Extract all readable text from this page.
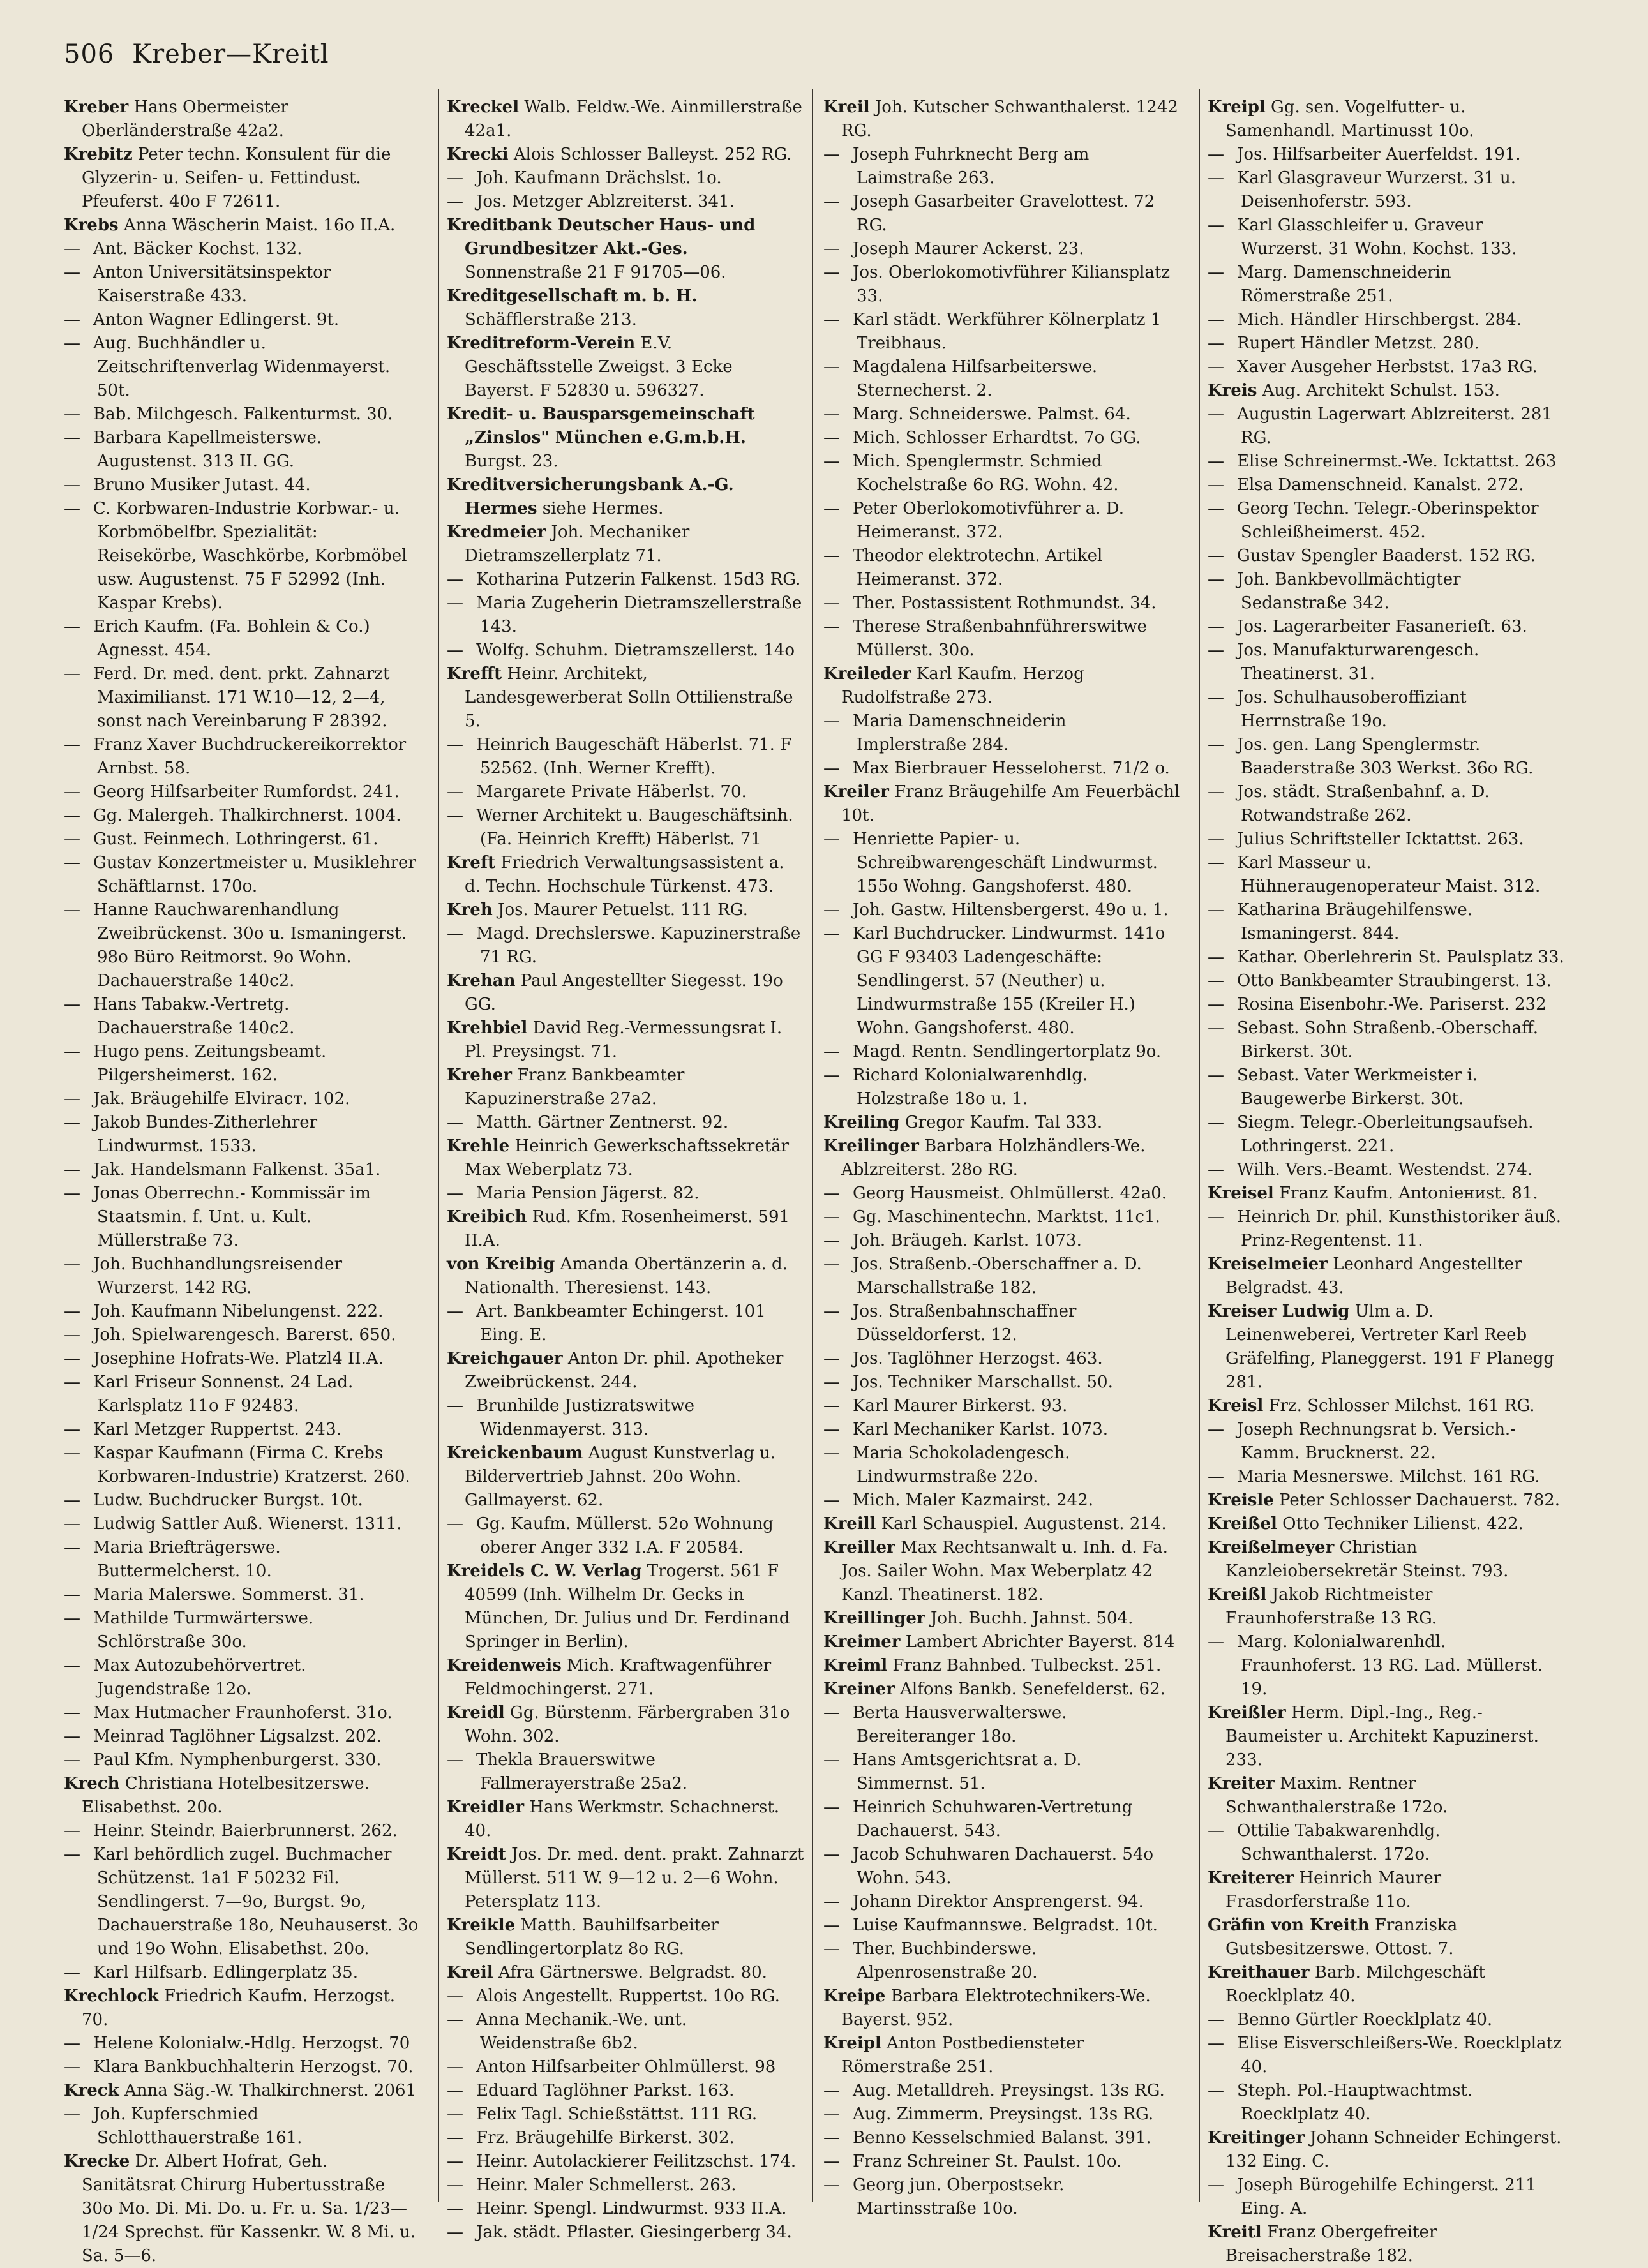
506 Kreber—Kreitl

Kreber Hans Obermeister Oberländerstraße 42a2.

Krebitz Peter techn. Konsulent für die Glyzerin- u. Seifen- u. Fettindust. Pfeuferst. 40o F 72611.

Krebs Anna Wäscherin Maist. 16o II.A.

— Ant. Bäcker Kochst. 132.

— Anton Universitätsinspektor Kaiserstraße 433.

— Anton Wagner Edlingerst. 9t.

— Aug. Buchhändler u. Zeitschriftenverlag Widenmayerst. 50t.

— Bab. Milchgesch. Falkenturmst. 30.

— Barbara Kapellmeisterswe. Augustenst. 313 II. GG.

— Bruno Musiker Jutast. 44.

— C. Korbwaren-Industrie Korbwar.- u. Korbmöbelfbr. Spezialität: Reisekörbe, Waschkörbe, Korbmöbel usw. Augustenst. 75 F 52992 (Inh. Kaspar Krebs).

— Erich Kaufm. (Fa. Bohlein & Co.) Agnesst. 454.

— Ferd. Dr. med. dent. prkt. Zahnarzt Maximilianst. 171 W.10—12, 2—4, sonst nach Vereinbarung F 28392.

— Franz Xaver Buchdruckereikorrektor Arnbst. 58.

— Georg Hilfsarbeiter Rumfordst. 241.

— Gg. Malergeh. Thalkirchnerst. 1004.

— Gust. Feinmech. Lothringerst. 61.

— Gustav Konzertmeister u. Musiklehrer Schäftlarnst. 170o.

— Hanne Rauchwarenhandlung Zweibrückenst. 30o u. Ismaningerst. 98o Büro Reitmorst. 9o Wohn. Dachauerstraße 140c2.

— Hans Tabakw.-Vertretg. Dachauerstraße 140c2.

— Hugo pens. Zeitungsbeamt. Pilgersheimerst. 162.

— Jak. Bräugehilfe Elviraст. 102.

— Jakob Bundes-Zitherlehrer Lindwurmst. 1533.

— Jak. Handelsmann Falkenst. 35a1.

— Jonas Oberrechn.- Kommissär im Staatsmin. f. Unt. u. Kult. Müllerstraße 73.

— Joh. Buchhandlungsreisender Wurzerst. 142 RG.

— Joh. Kaufmann Nibelungenst. 222.

— Joh. Spielwarengesch. Barerst. 650.

— Josephine Hofrats-We. Platzl4 II.A.

— Karl Friseur Sonnenst. 24 Lad. Karlsplatz 11o F 92483.

— Karl Metzger Ruppertst. 243.

— Kaspar Kaufmann (Firma C. Krebs Korbwaren-Industrie) Kratzerst. 260.

— Ludw. Buchdrucker Burgst. 10t.

— Ludwig Sattler Auß. Wienerst. 1311.

— Maria Briefträgerswe. Buttermelcherst. 10.

— Maria Malerswe. Sommerst. 31.

— Mathilde Turmwärterswe. Schlörstraße 30o.

— Max Autozubehörvertret. Jugendstraße 12o.

— Max Hutmacher Fraunhoferst. 31o.

— Meinrad Taglöhner Ligsalzst. 202.

— Paul Kfm. Nymphenburgerst. 330.

Krech Christiana Hotelbesitzerswe. Elisabethst. 20o.

— Heinr. Steindr. Baierbrunnerst. 262.

— Karl behördlich zugel. Buchmacher Schützenst. 1a1 F 50232 Fil. Sendlingerst. 7—9o, Burgst. 9o, Dachauerstraße 18o, Neuhauserst. 3o und 19o Wohn. Elisabethst. 20o.

— Karl Hilfsarb. Edlingerplatz 35.

Krechlock Friedrich Kaufm. Herzogst. 70.

— Helene Kolonialw.-Hdlg. Herzogst. 70

— Klara Bankbuchhalterin Herzogst. 70.

Kreck Anna Säg.-W. Thalkirchnerst. 2061

— Joh. Kupferschmied Schlotthauerstraße 161.

Krecke Dr. Albert Hofrat, Geh. Sanitätsrat Chirurg Hubertusstraße 30o Mo. Di. Mi. Do. u. Fr. u. Sa. 1/23—1/24 Sprechst. für Kassenkr. W. 8 Mi. u. Sa. 5—6.

Kreckel Walb. Feldw.-We. Ainmillerstraße 42a1.

Krecki Alois Schlosser Balleyst. 252 RG.

— Joh. Kaufmann Drächslst. 1o.

— Jos. Metzger Ablzreiterst. 341.

Kreditbank Deutscher Haus- und Grundbesitzer Akt.-Ges. Sonnenstraße 21 F 91705—06.

Kreditgesellschaft m. b. H. Schäfflerstraße 213.

Kreditreform-Verein E.V. Geschäftsstelle Zweigst. 3 Ecke Bayerst. F 52830 u. 596327.

Kredit- u. Bausparsgemeinschaft „Zinslos" München e.G.m.b.H. Burgst. 23.

Kreditversicherungsbank A.-G. Hermes siehe Hermes.

Kredmeier Joh. Mechaniker Dietramszellerplatz 71.

— Kotharina Putzerin Falkenst. 15d3 RG.

— Maria Zugeherin Dietramszellerstraße 143.

— Wolfg. Schuhm. Dietramszellerst. 14o

Krefft Heinr. Architekt, Landesgewerberat Solln Ottilienstraße 5.

— Heinrich Baugeschäft Häberlst. 71. F 52562. (Inh. Werner Krefft).

— Margarete Private Häberlst. 70.

— Werner Architekt u. Baugeschäftsinh. (Fa. Heinrich Krefft) Häberlst. 71

Kreft Friedrich Verwaltungsassistent a. d. Techn. Hochschule Türkenst. 473.

Kreh Jos. Maurer Petuelst. 111 RG.

— Magd. Drechslerswe. Kapuzinerstraße 71 RG.

Krehan Paul Angestellter Siegesst. 19o GG.

Krehbiel David Reg.-Vermessungsrat I. Pl. Preysingst. 71.

Kreher Franz Bankbeamter Kapuzinerstraße 27a2.

— Matth. Gärtner Zentnerst. 92.

Krehle Heinrich Gewerkschaftssekretär Max Weberplatz 73.

— Maria Pension Jägerst. 82.

Kreibich Rud. Kfm. Rosenheimerst. 591 II.A.

von Kreibig Amanda Obertänzerin a. d. Nationalth. Theresienst. 143.

— Art. Bankbeamter Echingerst. 101 Eing. E.

Kreichgauer Anton Dr. phil. Apotheker Zweibrückenst. 244.

— Brunhilde Justizratswitwe Widenmayerst. 313.

Kreickenbaum August Kunstverlag u. Bildervertrieb Jahnst. 20o Wohn. Gallmayerst. 62.

— Gg. Kaufm. Müllerst. 52o Wohnung oberer Anger 332 I.A. F 20584.

Kreidels C. W. Verlag Trogerst. 561 F 40599 (Inh. Wilhelm Dr. Gecks in München, Dr. Julius und Dr. Ferdinand Springer in Berlin).

Kreidenweis Mich. Kraftwagenführer Feldmochingerst. 271.

Kreidl Gg. Bürstenm. Färbergraben 31o Wohn. 302.

— Thekla Brauerswitwe Fallmerayerstraße 25a2.

Kreidler Hans Werkmstr. Schachnerst. 40.

Kreidt Jos. Dr. med. dent. prakt. Zahnarzt Müllerst. 511 W. 9—12 u. 2—6 Wohn. Petersplatz 113.

Kreikle Matth. Bauhilfsarbeiter Sendlingertorplatz 8o RG.

Kreil Afra Gärtnerswe. Belgradst. 80.

— Alois Angestellt. Ruppertst. 10o RG.

— Anna Mechanik.-We. unt. Weidenstraße 6b2.

— Anton Hilfsarbeiter Ohlmüllerst. 98

— Eduard Taglöhner Parkst. 163.

— Felix Tagl. Schießstättst. 111 RG.

— Frz. Bräugehilfe Birkerst. 302.

— Heinr. Autolackierer Feilitzschst. 174.

— Heinr. Maler Schmellerst. 263.

— Heinr. Spengl. Lindwurmst. 933 II.A.

— Jak. städt. Pflaster. Giesingerberg 34.

Kreil Joh. Kutscher Schwanthalerst. 1242 RG.

— Joseph Fuhrknecht Berg am Laimstraße 263.

— Joseph Gasarbeiter Gravelottest. 72 RG.

— Joseph Maurer Ackerst. 23.

— Jos. Oberlokomotivführer Kiliansplatz 33.

— Karl städt. Werkführer Kölnerplatz 1 Treibhaus.

— Magdalena Hilfsarbeiterswe. Sternecherst. 2.

— Marg. Schneiderswe. Palmst. 64.

— Mich. Schlosser Erhardtst. 7o GG.

— Mich. Spenglermstr. Schmied Kochelstraße 6o RG. Wohn. 42.

— Peter Oberlokomotivführer a. D. Heimeranst. 372.

— Theodor elektrotechn. Artikel Heimeranst. 372.

— Ther. Postassistent Rothmundst. 34.

— Therese Straßenbahnführerswitwe Müllerst. 30o.

Kreileder Karl Kaufm. Herzog Rudolfstraße 273.

— Maria Damenschneiderin Implerstraße 284.

— Max Bierbrauer Hesseloherst. 71/2 o.

Kreiler Franz Bräugehilfe Am Feuerbächl 10t.

— Henriette Papier- u. Schreibwarengeschäft Lindwurmst. 155o Wohng. Gangshoferst. 480.

— Joh. Gastw. Hiltensbergerst. 49o u. 1.

— Karl Buchdrucker. Lindwurmst. 141o GG F 93403 Ladengeschäfte: Sendlingerst. 57 (Neuther) u. Lindwurmstraße 155 (Kreiler H.) Wohn. Gangshoferst. 480.

— Magd. Rentn. Sendlingertorplatz 9o.

— Richard Kolonialwarenhdlg. Holzstraße 18o u. 1.

Kreiling Gregor Kaufm. Tal 333.

Kreilinger Barbara Holzhändlers-We. Ablzreiterst. 28o RG.

— Georg Hausmeist. Ohlmüllerst. 42a0.

— Gg. Maschinentechn. Marktst. 11c1.

— Joh. Bräugeh. Karlst. 1073.

— Jos. Straßenb.-Oberschaffner a. D. Marschallstraße 182.

— Jos. Straßenbahnschaffner Düsseldorferst. 12.

— Jos. Taglöhner Herzogst. 463.

— Jos. Techniker Marschallst. 50.

— Karl Maurer Birkerst. 93.

— Karl Mechaniker Karlst. 1073.

— Maria Schokoladengesch. Lindwurmstraße 22o.

— Mich. Maler Kazmairst. 242.

Kreill Karl Schauspiel. Augustenst. 214.

Kreiller Max Rechtsanwalt u. Inh. d. Fa. Jos. Sailer Wohn. Max Weberplatz 42 Kanzl. Theatinerst. 182.

Kreillinger Joh. Buchh. Jahnst. 504.

Kreimer Lambert Abrichter Bayerst. 814

Kreiml Franz Bahnbed. Tulbeckst. 251.

Kreiner Alfons Bankb. Senefelderst. 62.

— Berta Hausverwalterswe. Bereiteranger 18o.

— Hans Amtsgerichtsrat a. D. Simmernst. 51.

— Heinrich Schuhwaren-Vertretung Dachauerst. 543.

— Jacob Schuhwaren Dachauerst. 54o Wohn. 543.

— Johann Direktor Ansprengerst. 94.

— Luise Kaufmannswe. Belgradst. 10t.

— Ther. Buchbinderswe. Alpenrosenstraße 20.

Kreipe Barbara Elektrotechnikers-We. Bayerst. 952.

Kreipl Anton Postbediensteter Römerstraße 251.

— Aug. Metalldreh. Preysingst. 13s RG.

— Aug. Zimmerm. Preysingst. 13s RG.

— Benno Kesselschmied Balanst. 391.

— Franz Schreiner St. Paulst. 10o.

— Georg jun. Oberpostsekr. Martinsstraße 10o.

Kreipl Gg. sen. Vogelfutter- u. Samenhandl. Martinusst 10o.

— Jos. Hilfsarbeiter Auerfeldst. 191.

— Karl Glasgraveur Wurzerst. 31 u. Deisenhoferstr. 593.

— Karl Glasschleifer u. Graveur Wurzerst. 31 Wohn. Kochst. 133.

— Marg. Damenschneiderin Römerstraße 251.

— Mich. Händler Hirschbergst. 284.

— Rupert Händler Metzst. 280.

— Xaver Ausgeher Herbstst. 17a3 RG.

Kreis Aug. Architekt Schulst. 153.

— Augustin Lagerwart Ablzreiterst. 281 RG.

— Elise Schreinermst.-We. Icktattst. 263

— Elsa Damenschneid. Kanalst. 272.

— Georg Techn. Telegr.-Oberinspektor Schleißheimerst. 452.

— Gustav Spengler Baaderst. 152 RG.

— Joh. Bankbevollmächtigter Sedanstraße 342.

— Jos. Lagerarbeiter Fasanerieſt. 63.

— Jos. Manufakturwarengesch. Theatinerst. 31.

— Jos. Schulhausoberoffiziant Herrnstraße 19o.

— Jos. gen. Lang Spenglermstr. Baaderstraße 303 Werkst. 36o RG.

— Jos. städt. Straßenbahnf. a. D. Rotwandstraße 262.

— Julius Schriftsteller Icktattst. 263.

— Karl Masseur u. Hühneraugenoperateur Maist. 312.

— Katharina Bräugehilfenswe. Ismaningerst. 844.

— Kathar. Oberlehrerin St. Paulsplatz 33.

— Otto Bankbeamter Straubingerst. 13.

— Rosina Eisenbohr.-We. Pariserst. 232

— Sebast. Sohn Straßenb.-Oberschaff. Birkerst. 30t.

— Sebast. Vater Werkmeister i. Baugewerbe Birkerst. 30t.

— Siegm. Telegr.-Oberleitungsaufseh. Lothringerst. 221.

— Wilh. Vers.-Beamt. Westendst. 274.

Kreisel Franz Kaufm. Antoniениst. 81.

— Heinrich Dr. phil. Kunsthistoriker äuß. Prinz-Regentenst. 11.

Kreiselmeier Leonhard Angestellter Belgradst. 43.

Kreiser Ludwig Ulm a. D. Leinenweberei, Vertreter Karl Reeb Gräfelfing, Planeggerst. 191 F Planegg 281.

Kreisl Frz. Schlosser Milchst. 161 RG.

— Joseph Rechnungsrat b. Versich.-Kamm. Brucknerst. 22.

— Maria Mesnerswe. Milchst. 161 RG.

Kreisle Peter Schlosser Dachauerst. 782.

Kreißel Otto Techniker Lilienst. 422.

Kreißelmeyer Christian Kanzleiobersekretär Steinst. 793.

Kreißl Jakob Richtmeister Fraunhoferstraße 13 RG.

— Marg. Kolonialwarenhdl. Fraunhoferst. 13 RG. Lad. Müllerst. 19.

Kreißler Herm. Dipl.-Ing., Reg.-Baumeister u. Architekt Kapuzinerst. 233.

Kreiter Maxim. Rentner Schwanthalerstraße 172o.

— Ottilie Tabakwarenhdlg. Schwanthalerst. 172o.

Kreiterer Heinrich Maurer Frasdorferstraße 11o.

Gräfin von Kreith Franziska Gutsbesitzerswe. Ottost. 7.

Kreithauer Barb. Milchgeschäft Roecklplatz 40.

— Benno Gürtler Roecklplatz 40.

— Elise Eisverschleißers-We. Roecklplatz 40.

— Steph. Pol.-Hauptwachtmst. Roecklplatz 40.

Kreitinger Johann Schneider Echingerst. 132 Eing. C.

— Joseph Bürogehilfe Echingerst. 211 Eing. A.

Kreitl Franz Obergefreiter Breisacherstraße 182.
